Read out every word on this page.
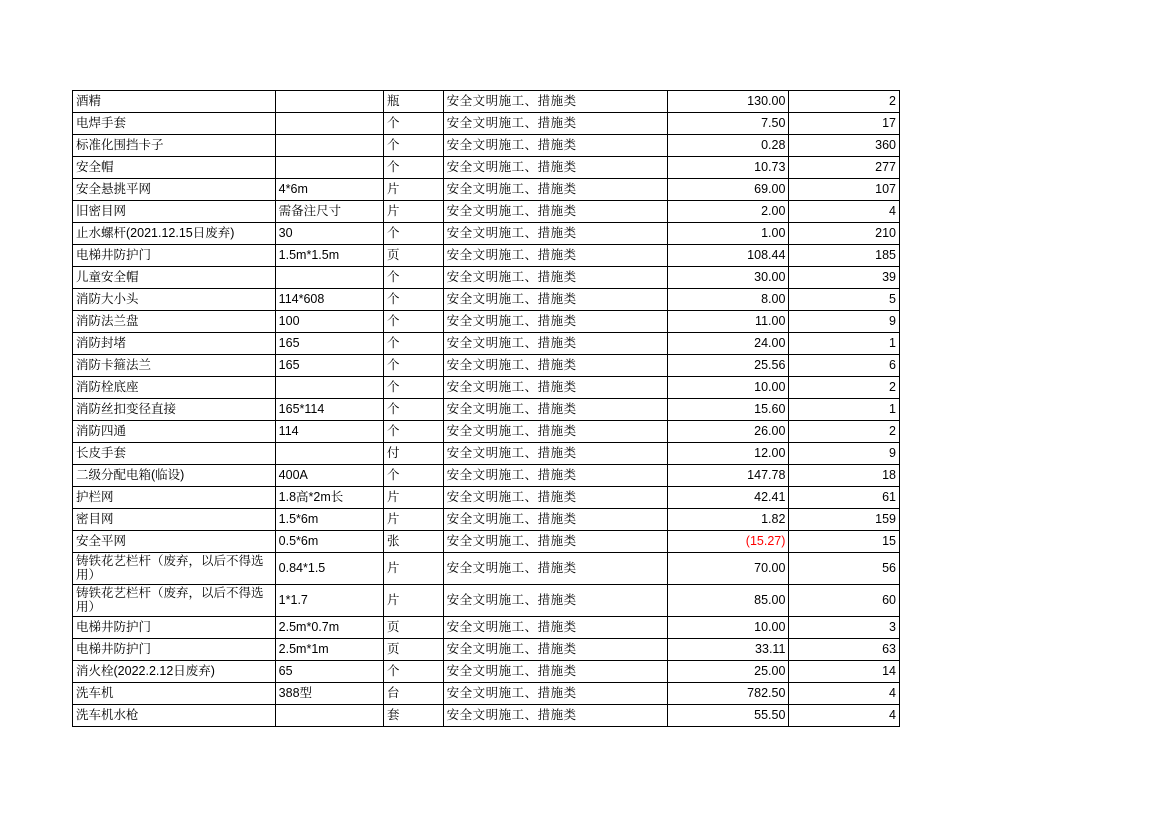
酒精		瓶	安全文明施工、措施类	130.00	2
电焊手套		个	安全文明施工、措施类	7.50	17
标准化围挡卡子		个	安全文明施工、措施类	0.28	360
安全帽		个	安全文明施工、措施类	10.73	277
安全悬挑平网	4*6m	片	安全文明施工、措施类	69.00	107
旧密目网	需备注尺寸	片	安全文明施工、措施类	2.00	4
止水螺杆(2021.12.15日废弃)	30	个	安全文明施工、措施类	1.00	210
电梯井防护门	1.5m*1.5m	页	安全文明施工、措施类	108.44	185
儿童安全帽		个	安全文明施工、措施类	30.00	39
消防大小头	114*608	个	安全文明施工、措施类	8.00	5
消防法兰盘	100	个	安全文明施工、措施类	11.00	9
消防封堵	165	个	安全文明施工、措施类	24.00	1
消防卡箍法兰	165	个	安全文明施工、措施类	25.56	6
消防栓底座		个	安全文明施工、措施类	10.00	2
消防丝扣变径直接	165*114	个	安全文明施工、措施类	15.60	1
消防四通	114	个	安全文明施工、措施类	26.00	2
长皮手套		付	安全文明施工、措施类	12.00	9
二级分配电箱(临设)	400A	个	安全文明施工、措施类	147.78	18
护栏网	1.8高*2m长	片	安全文明施工、措施类	42.41	61
密目网	1.5*6m	片	安全文明施工、措施类	1.82	159
安全平网	0.5*6m	张	安全文明施工、措施类	(15.27)	15
铸铁花艺栏杆（废弃，以后不得选用）	0.84*1.5	片	安全文明施工、措施类	70.00	56
铸铁花艺栏杆（废弃，以后不得选用）	1*1.7	片	安全文明施工、措施类	85.00	60
电梯井防护门	2.5m*0.7m	页	安全文明施工、措施类	10.00	3
电梯井防护门	2.5m*1m	页	安全文明施工、措施类	33.11	63
消火栓(2022.2.12日废弃)	65	个	安全文明施工、措施类	25.00	14
洗车机	388型	台	安全文明施工、措施类	782.50	4
洗车机水枪		套	安全文明施工、措施类	55.50	4
